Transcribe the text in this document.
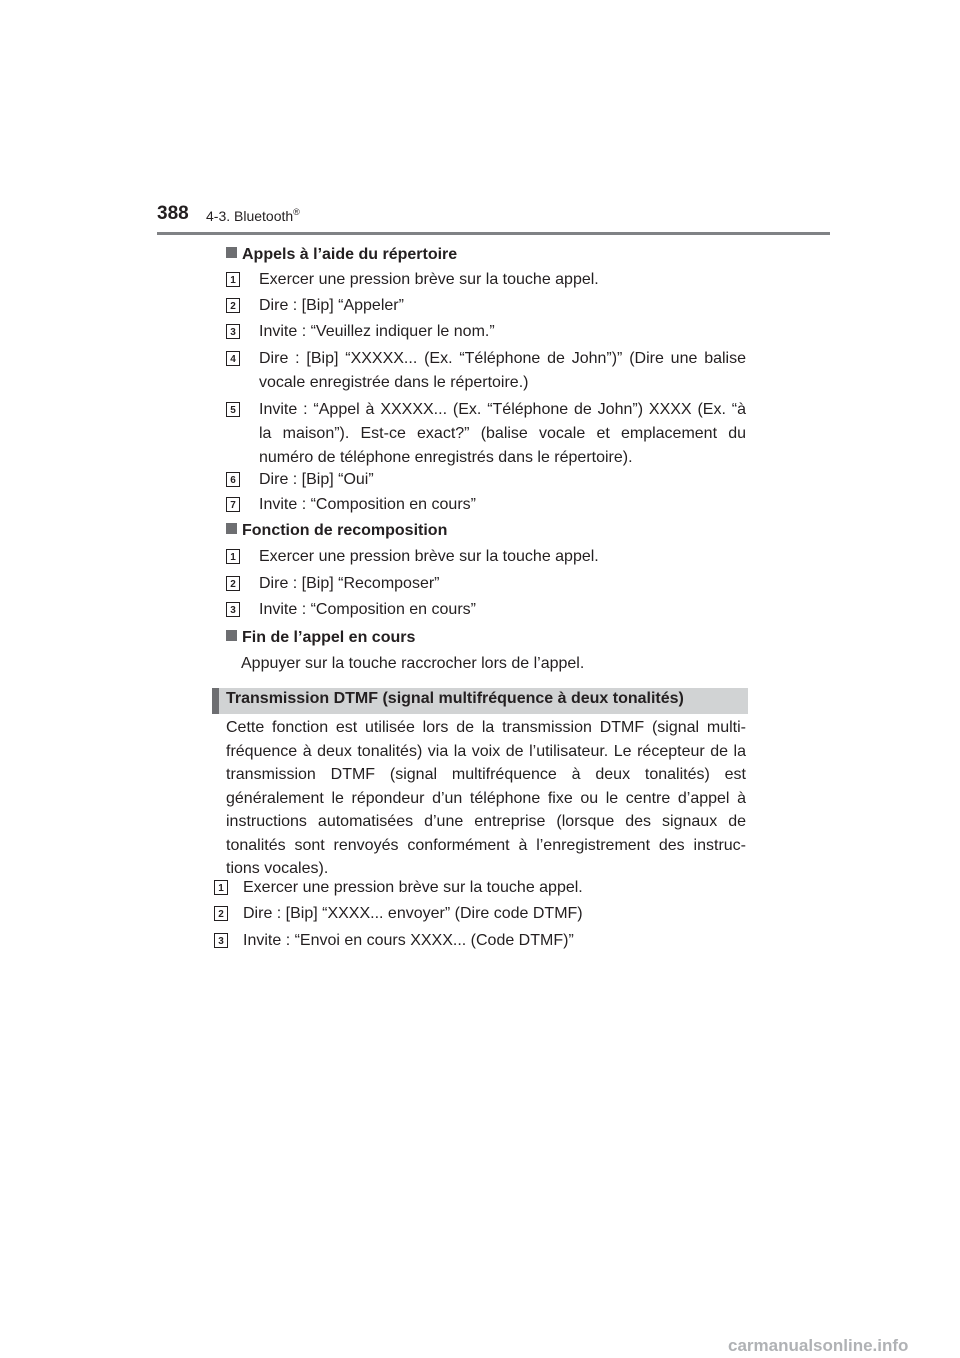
388 4-3. Bluetooth®
Appels à l’aide du répertoire
1 Exercer une pression brève sur la touche appel.
2 Dire : [Bip] “Appeler”
3 Invite : “Veuillez indiquer le nom.”
4 Dire : [Bip] “XXXXX... (Ex. “Téléphone de John”)” (Dire une balise vocale enregistrée dans le répertoire.)
5 Invite : “Appel à XXXXX... (Ex. “Téléphone de John”) XXXX (Ex. “à la maison”). Est-ce exact?” (balise vocale et emplacement du numéro de téléphone enregistrés dans le répertoire).
6 Dire : [Bip] “Oui”
7 Invite : “Composition en cours”
Fonction de recomposition
1 Exercer une pression brève sur la touche appel.
2 Dire : [Bip] “Recomposer”
3 Invite : “Composition en cours”
Fin de l’appel en cours
Appuyer sur la touche raccrocher lors de l’appel.
Transmission DTMF (signal multifréquence à deux tonalités)
Cette fonction est utilisée lors de la transmission DTMF (signal multi-fréquence à deux tonalités) via la voix de l’utilisateur. Le récepteur de la transmission DTMF (signal multifréquence à deux tonalités) est généralement le répondeur d’un téléphone fixe ou le centre d’appel à instructions automatisées d’une entreprise (lorsque des signaux de tonalités sont renvoyés conformément à l’enregistrement des instruc-tions vocales).
1 Exercer une pression brève sur la touche appel.
2 Dire : [Bip] “XXXX... envoyer” (Dire code DTMF)
3 Invite : “Envoi en cours XXXX... (Code DTMF)”
carmanualsonline.info
